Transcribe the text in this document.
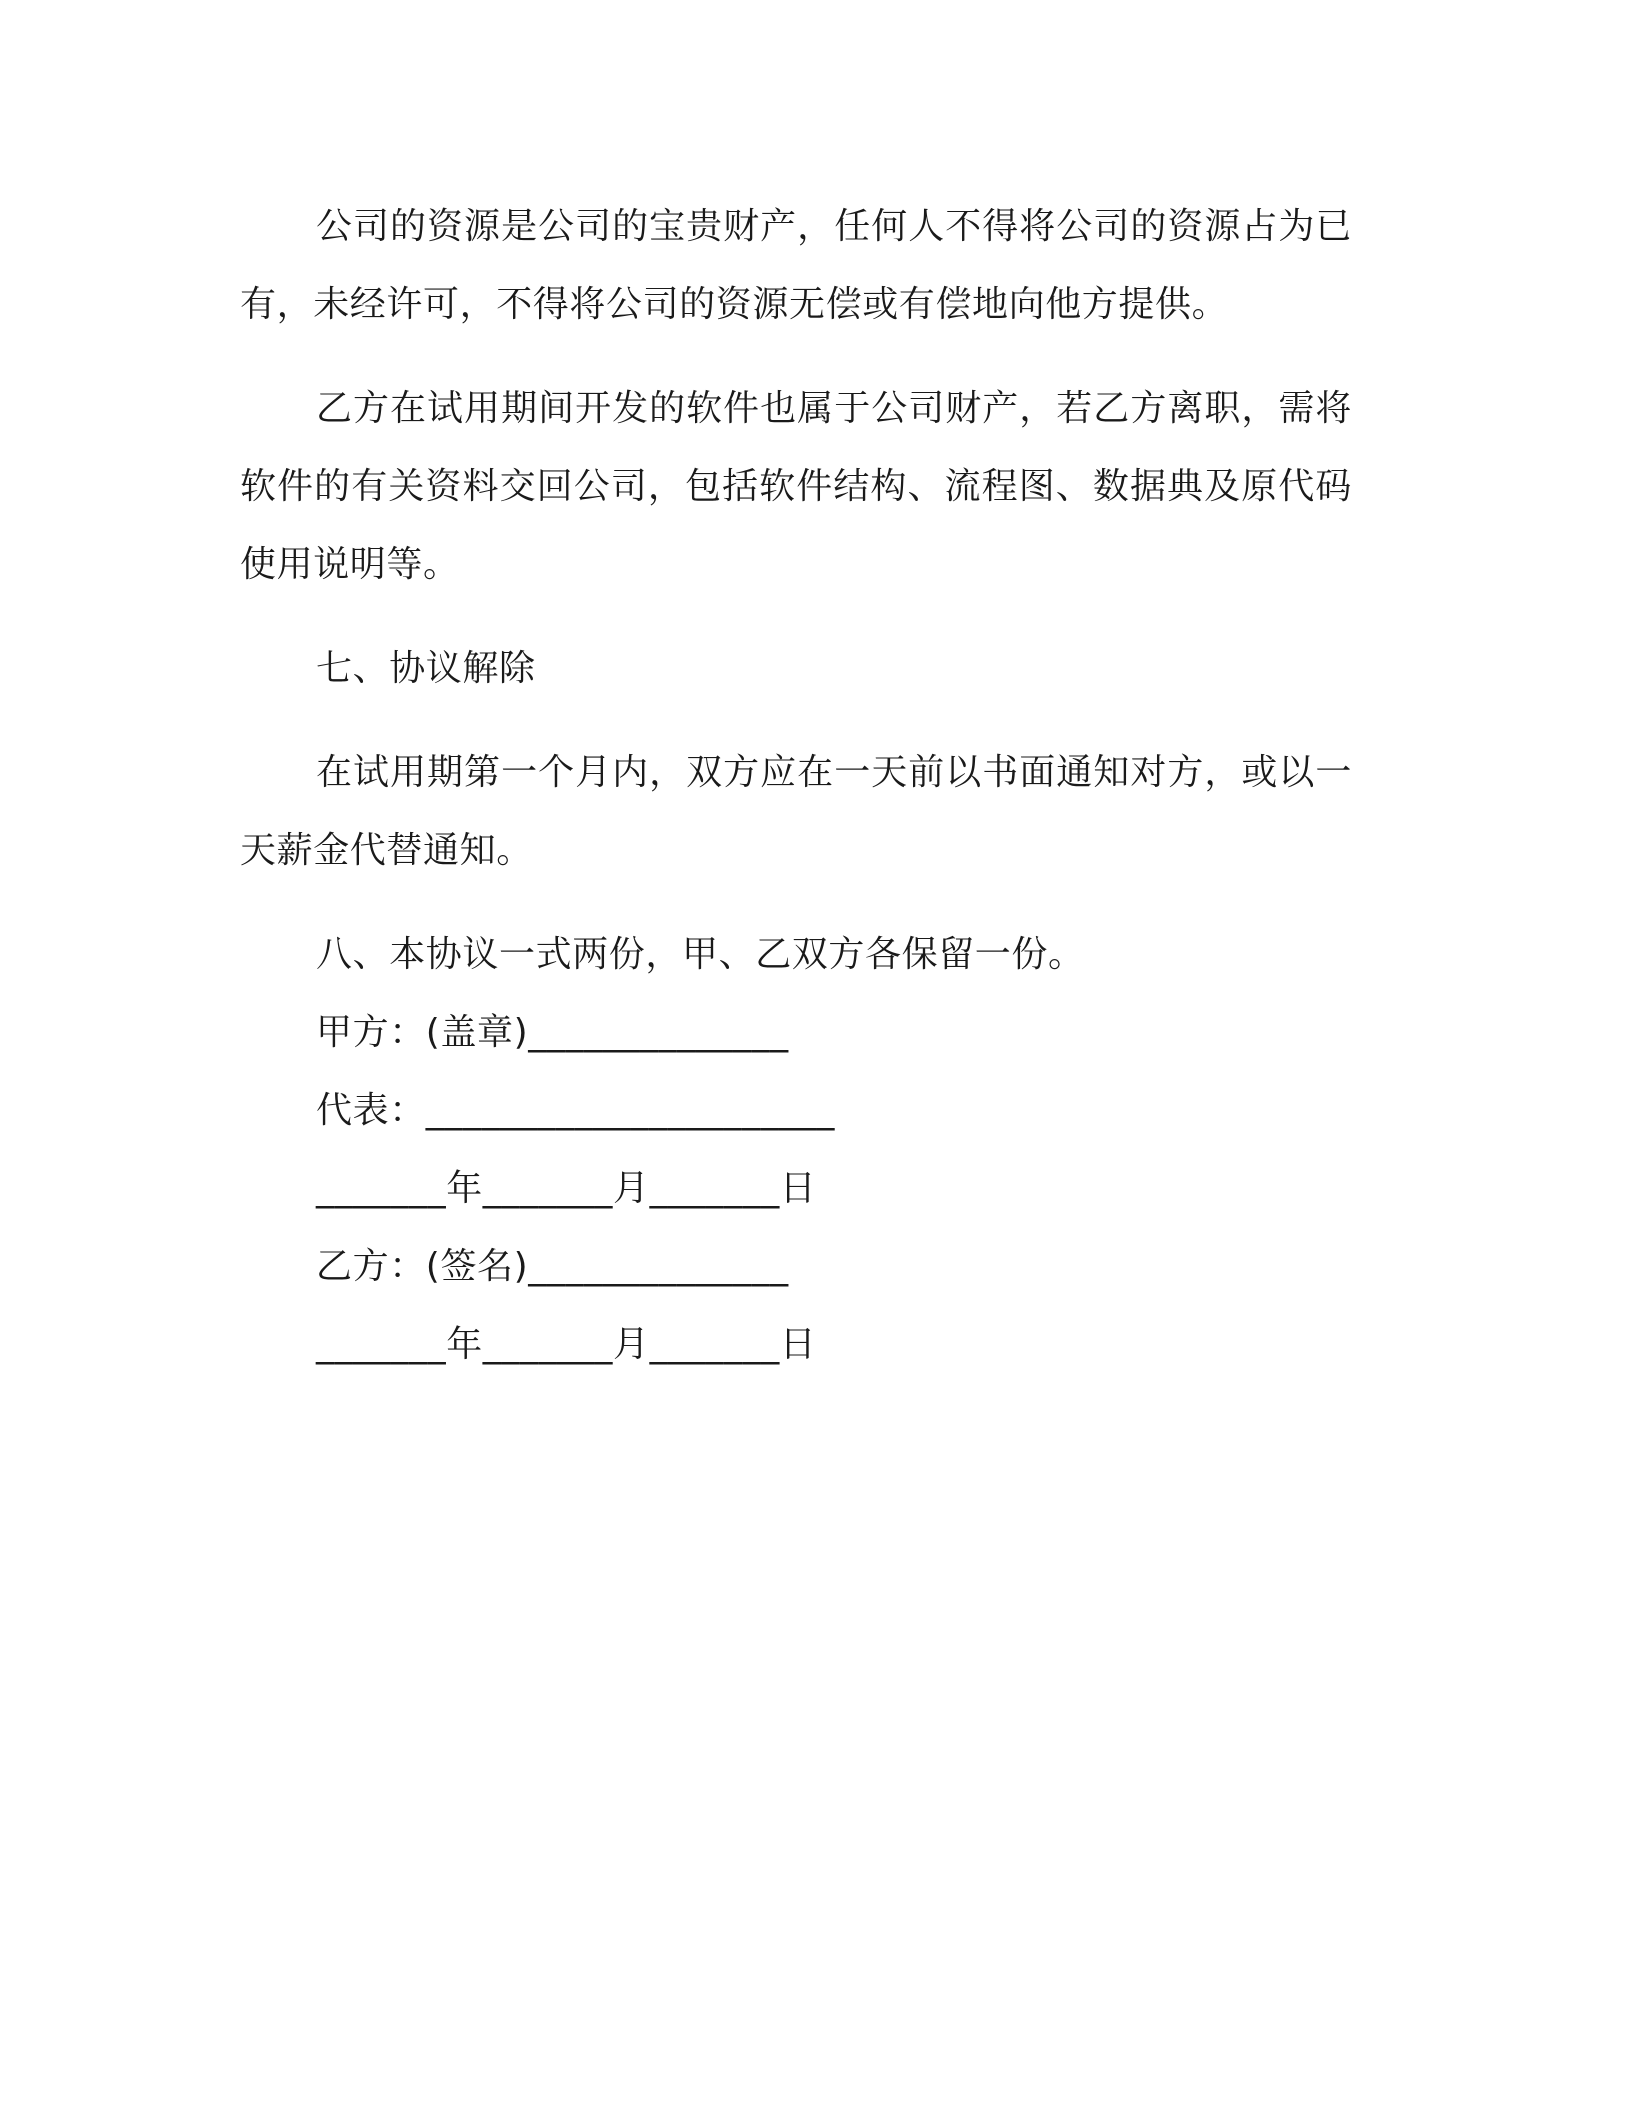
公司的资源是公司的宝贵财产，任何人不得将公司的资源占为已有，未经许可，不得将公司的资源无偿或有偿地向他方提供。

乙方在试用期间开发的软件也属于公司财产，若乙方离职，需将软件的有关资料交回公司，包括软件结构、流程图、数据典及原代码使用说明等。

七、协议解除

在试用期第一个月内，双方应在一天前以书面通知对方，或以一天薪金代替通知。

八、本协议一式两份，甲、乙双方各保留一份。

甲方：(盖章)______________

代表：______________________

_______年_______月_______日

乙方：(签名)______________

_______年_______月_______日
